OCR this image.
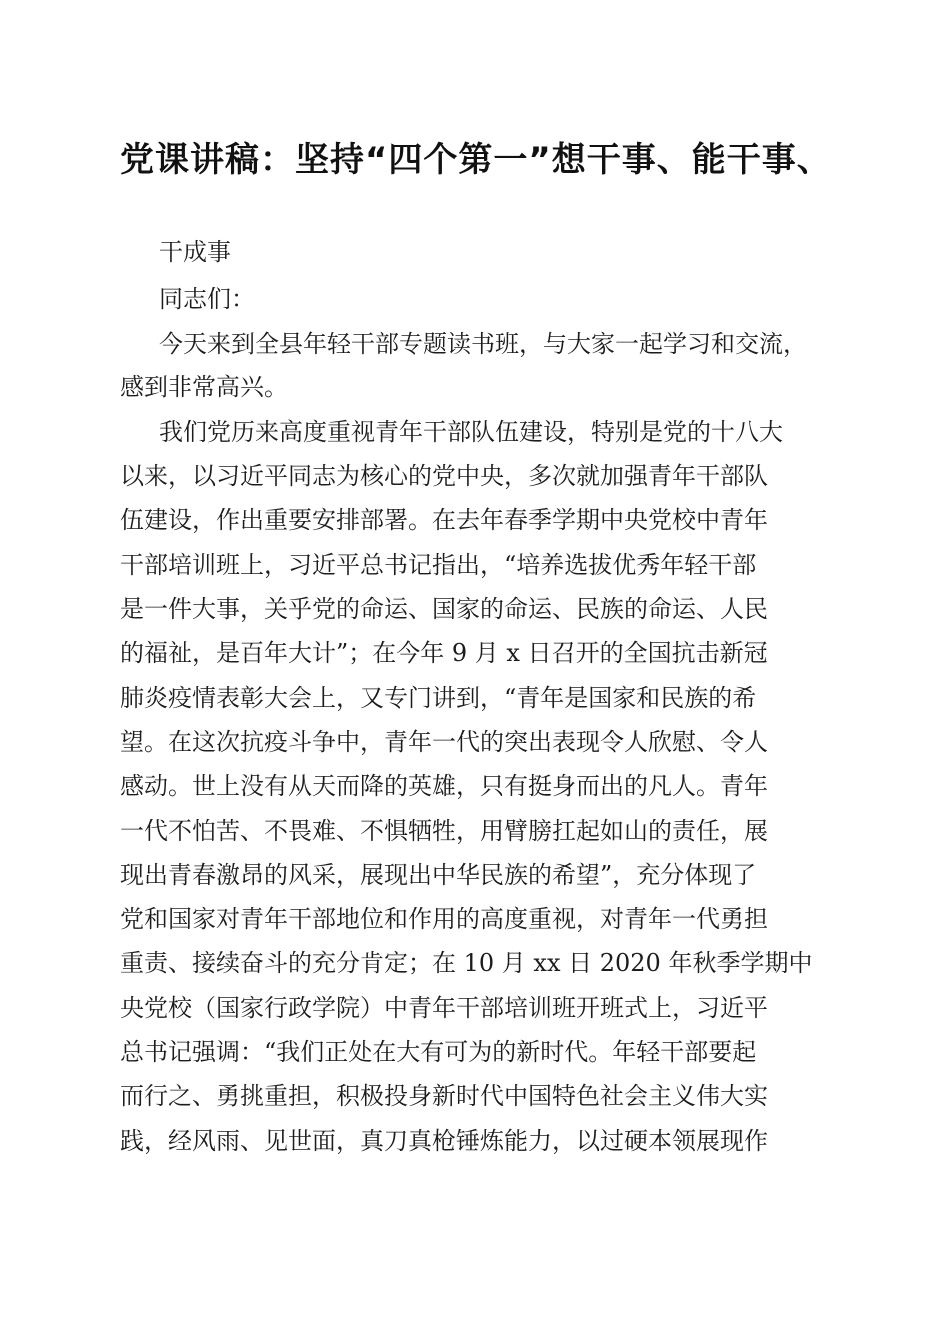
党课讲稿：坚持“四个第一”想干事、能干事、
干成事
同志们：
今天来到全县年轻干部专题读书班，与大家一起学习和交流，
感到非常高兴。
我们党历来高度重视青年干部队伍建设，特别是党的十八大
以来，以习近平同志为核心的党中央，多次就加强青年干部队
伍建设，作出重要安排部署。在去年春季学期中央党校中青年
干部培训班上，习近平总书记指出，“培养选拔优秀年轻干部
是一件大事，关乎党的命运、国家的命运、民族的命运、人民
的福祉，是百年大计”；在今年 9 月 x 日召开的全国抗击新冠
肺炎疫情表彰大会上，又专门讲到，“青年是国家和民族的希
望。在这次抗疫斗争中，青年一代的突出表现令人欣慰、令人
感动。世上没有从天而降的英雄，只有挺身而出的凡人。青年
一代不怕苦、不畏难、不惧牺牲，用臂膀扛起如山的责任，展
现出青春激昂的风采，展现出中华民族的希望”，充分体现了
党和国家对青年干部地位和作用的高度重视，对青年一代勇担
重责、接续奋斗的充分肯定；在 10 月 xx 日 2020 年秋季学期中
央党校（国家行政学院）中青年干部培训班开班式上，习近平
总书记强调：“我们正处在大有可为的新时代。年轻干部要起
而行之、勇挑重担，积极投身新时代中国特色社会主义伟大实
践，经风雨、见世面，真刀真枪锤炼能力，以过硬本领展现作
